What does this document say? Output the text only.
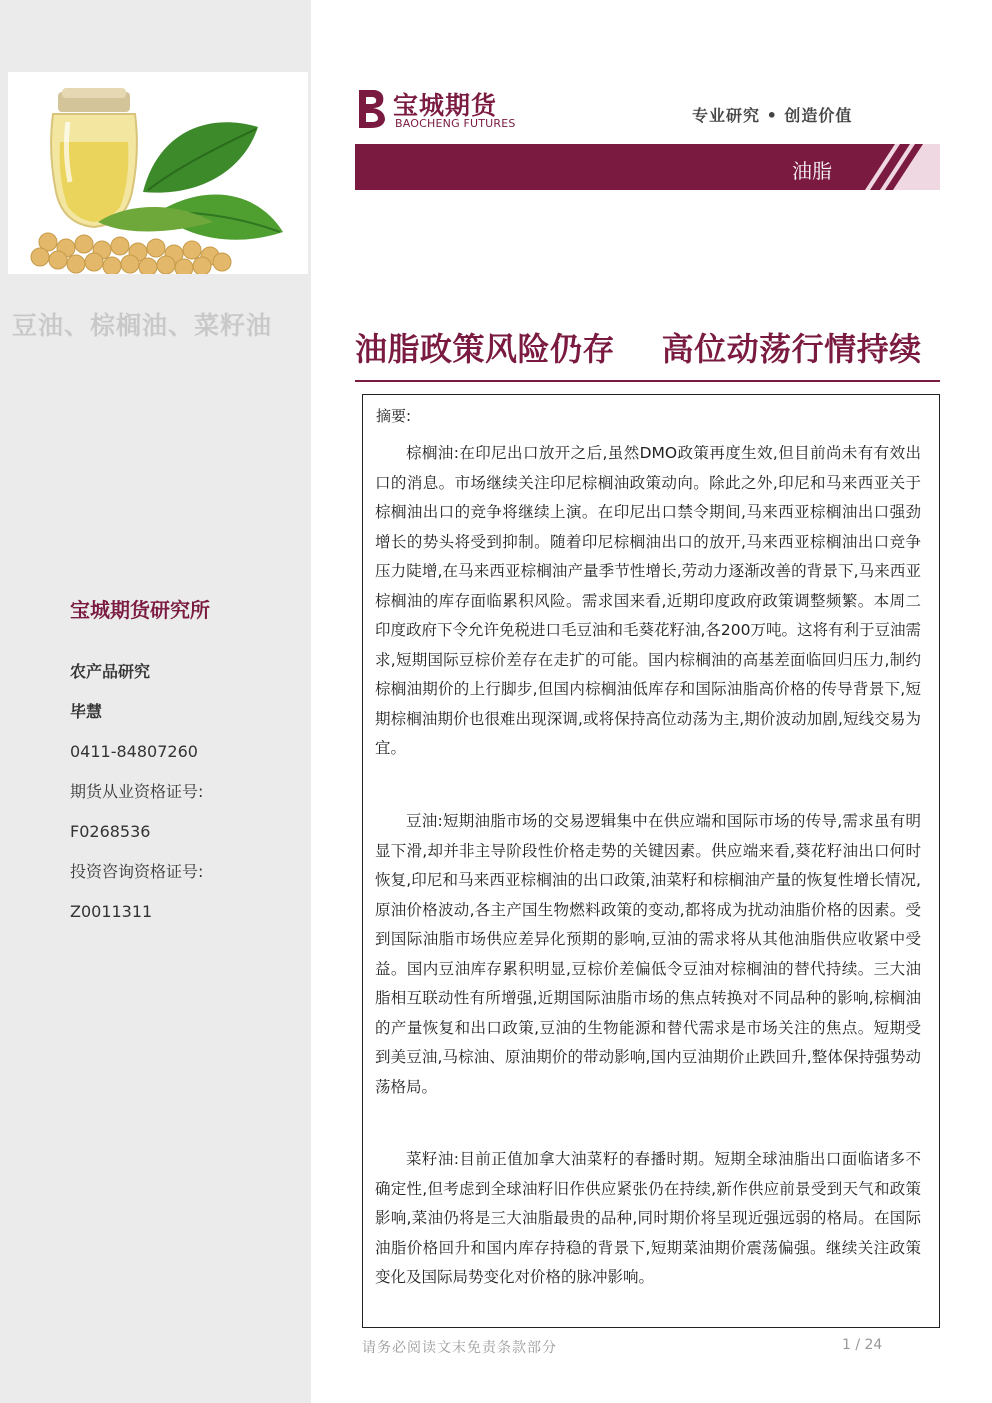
豆油、棕榈油、菜籽油
宝城期货研究所
农产品研究
毕慧
0411-84807260
期货从业资格证号:
F0268536
投资咨询资格证号:
Z0011311
宝城期货
BAOCHENG FUTURES	专业研究 • 创造价值
油脂
油脂政策风险仍存    高位动荡行情持续
摘要:

棕榈油:在印尼出口放开之后,虽然DMO政策再度生效,但目前尚未有有效出口的消息。市场继续关注印尼棕榈油政策动向。除此之外,印尼和马来西亚关于棕榈油出口的竞争将继续上演。在印尼出口禁令期间,马来西亚棕榈油出口强劲增长的势头将受到抑制。随着印尼棕榈油出口的放开,马来西亚棕榈油出口竞争压力陡增,在马来西亚棕榈油产量季节性增长,劳动力逐渐改善的背景下,马来西亚棕榈油的库存面临累积风险。需求国来看,近期印度政府政策调整频繁。本周二印度政府下令允许免税进口毛豆油和毛葵花籽油,各200万吨。这将有利于豆油需求,短期国际豆棕价差存在走扩的可能。国内棕榈油的高基差面临回归压力,制约棕榈油期价的上行脚步,但国内棕榈油低库存和国际油脂高价格的传导背景下,短期棕榈油期价也很难出现深调,或将保持高位动荡为主,期价波动加剧,短线交易为宜。

豆油:短期油脂市场的交易逻辑集中在供应端和国际市场的传导,需求虽有明显下滑,却并非主导阶段性价格走势的关键因素。供应端来看,葵花籽油出口何时恢复,印尼和马来西亚棕榈油的出口政策,油菜籽和棕榈油产量的恢复性增长情况,原油价格波动,各主产国生物燃料政策的变动,都将成为扰动油脂价格的因素。受到国际油脂市场供应差异化预期的影响,豆油的需求将从其他油脂供应收紧中受益。国内豆油库存累积明显,豆棕价差偏低令豆油对棕榈油的替代持续。三大油脂相互联动性有所增强,近期国际油脂市场的焦点转换对不同品种的影响,棕榈油的产量恢复和出口政策,豆油的生物能源和替代需求是市场关注的焦点。短期受到美豆油,马棕油、原油期价的带动影响,国内豆油期价止跌回升,整体保持强势动荡格局。

菜籽油:目前正值加拿大油菜籽的春播时期。短期全球油脂出口面临诸多不确定性,但考虑到全球油籽旧作供应紧张仍在持续,新作供应前景受到天气和政策影响,菜油仍将是三大油脂最贵的品种,同时期价将呈现近强远弱的格局。在国际油脂价格回升和国内库存持稳的背景下,短期菜油期价震荡偏强。继续关注政策变化及国际局势变化对价格的脉冲影响。

请务必阅读文末免责条款部分	1 / 24
